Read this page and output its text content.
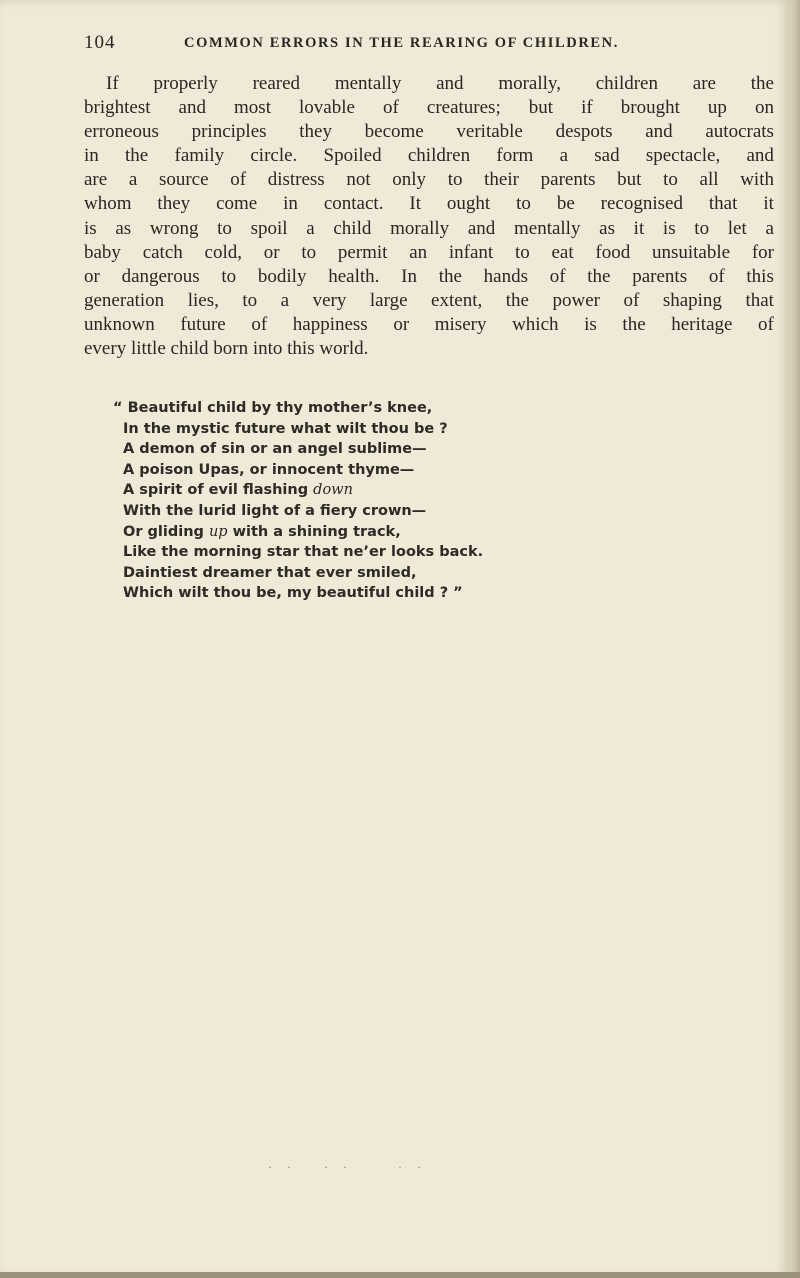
104	COMMON ERRORS IN THE REARING OF CHILDREN.
If properly reared mentally and morally, children are the
brightest and most lovable of creatures; but if brought up on
erroneous principles they become veritable despots and autocrats
in the family circle. Spoiled children form a sad spectacle, and
are a source of distress not only to their parents but to all with
whom they come in contact. It ought to be recognised that it
is as wrong to spoil a child morally and mentally as it is to let a
baby catch cold, or to permit an infant to eat food unsuitable for
or dangerous to bodily health. In the hands of the parents of this
generation lies, to a very large extent, the power of shaping that
unknown future of happiness or misery which is the heritage of
every little child born into this world.
“ Beautiful child by thy mother’s knee,
In the mystic future what wilt thou be ?
A demon of sin or an angel sublime—
A poison Upas, or innocent thyme—
A spirit of evil flashing down
With the lurid light of a fiery crown—
Or gliding up with a shining track,
Like the morning star that ne’er looks back.
Daintiest dreamer that ever smiled,
Which wilt thou be, my beautiful child ? ”
· ·   · ·     · ·
